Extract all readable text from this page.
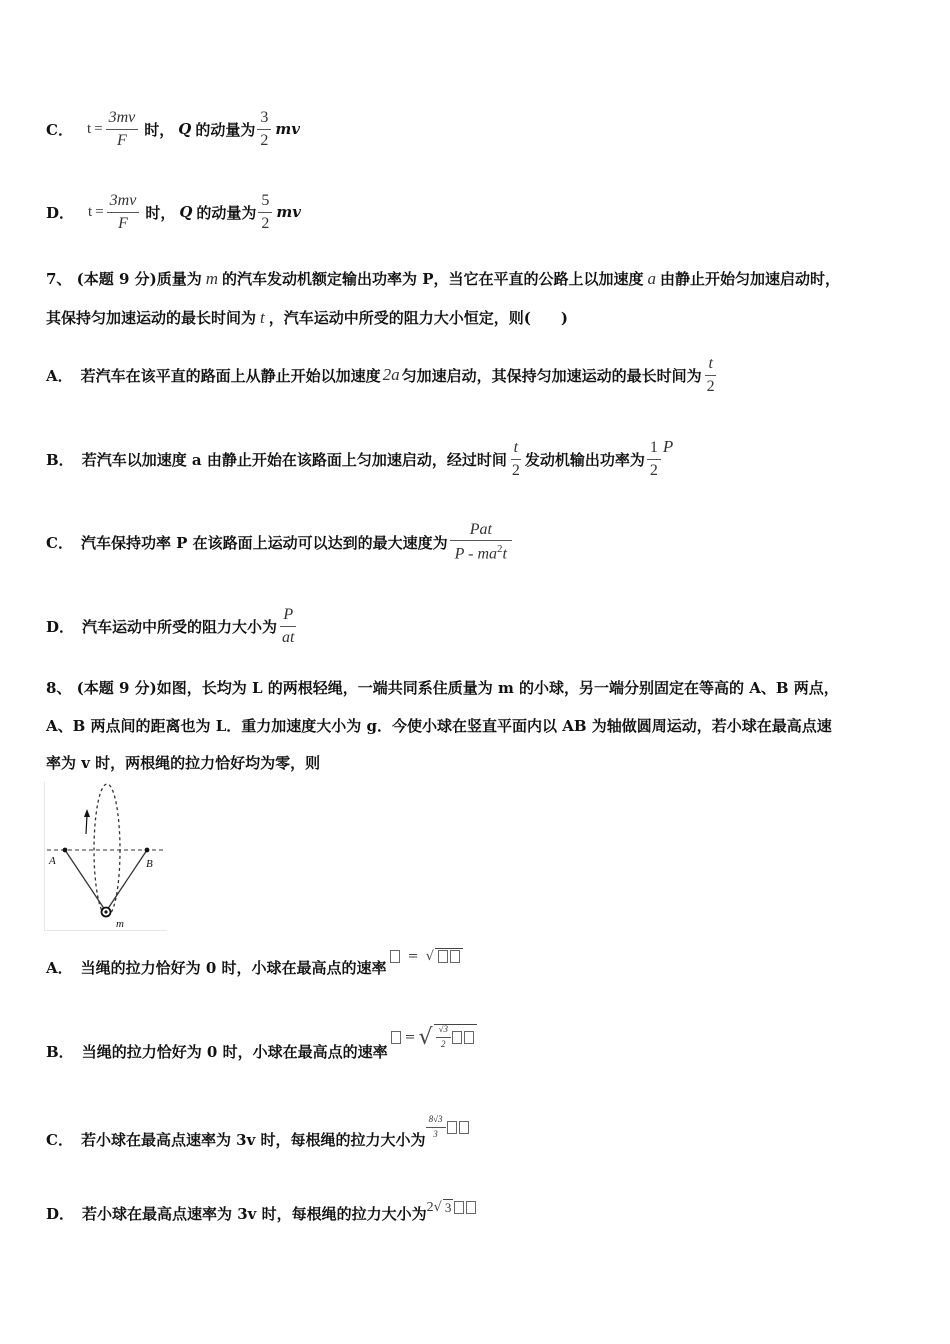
C． $t = \frac{3mv}{F}$ 时， Q 的动量为 $\frac{3}{2}$ mv
D． $t = \frac{3mv}{F}$ 时， Q 的动量为 $\frac{5}{2}$ mv
7、 (本题 9 分)质量为 m 的汽车发动机额定输出功率为 P，当它在平直的公路上以加速度 a 由静止开始匀加速启动时，
其保持匀加速运动的最长时间为 t ，汽车运动中所受的阻力大小恒定，则(　　)
A． 若汽车在该平直的路面上从静止开始以加速度 2a 匀加速启动，其保持匀加速运动的最长时间为 $\frac{t}{2}$
B． 若汽车以加速度 a 由静止开始在该路面上匀加速启动，经过时间 $\frac{t}{2}$ 发动机输出功率为 $\frac{1}{2}$ P
C． 汽车保持功率 P 在该路面上运动可以达到的最大速度为 $\frac{\text{Pat}}{P - ma^2t}$
D． 汽车运动中所受的阻力大小为 $\frac{P}{at}$
8、 (本题 9 分)如图，长均为 L 的两根轻绳，一端共同系住质量为 m 的小球，另一端分别固定在等高的 A、B 两点，
A、B 两点间的距离也为 L．重力加速度大小为 g．今使小球在竖直平面内以 AB 为轴做圆周运动，若小球在最高点速
率为 v 时，两根绳的拉力恰好均为零，则
A	B
m
A． 当绳的拉力恰好为 0 时，小球在最高点的速率
= √
B． 当绳的拉力恰好为 0 时，小球在最高点的速率
= √ $\frac{√3}{2}$
C． 若小球在最高点速率为 3v 时，每根绳的拉力大小为 $\frac{8√3}{3}$
D． 若小球在最高点速率为 3v 时，每根绳的拉力大小为 2 √ 3
